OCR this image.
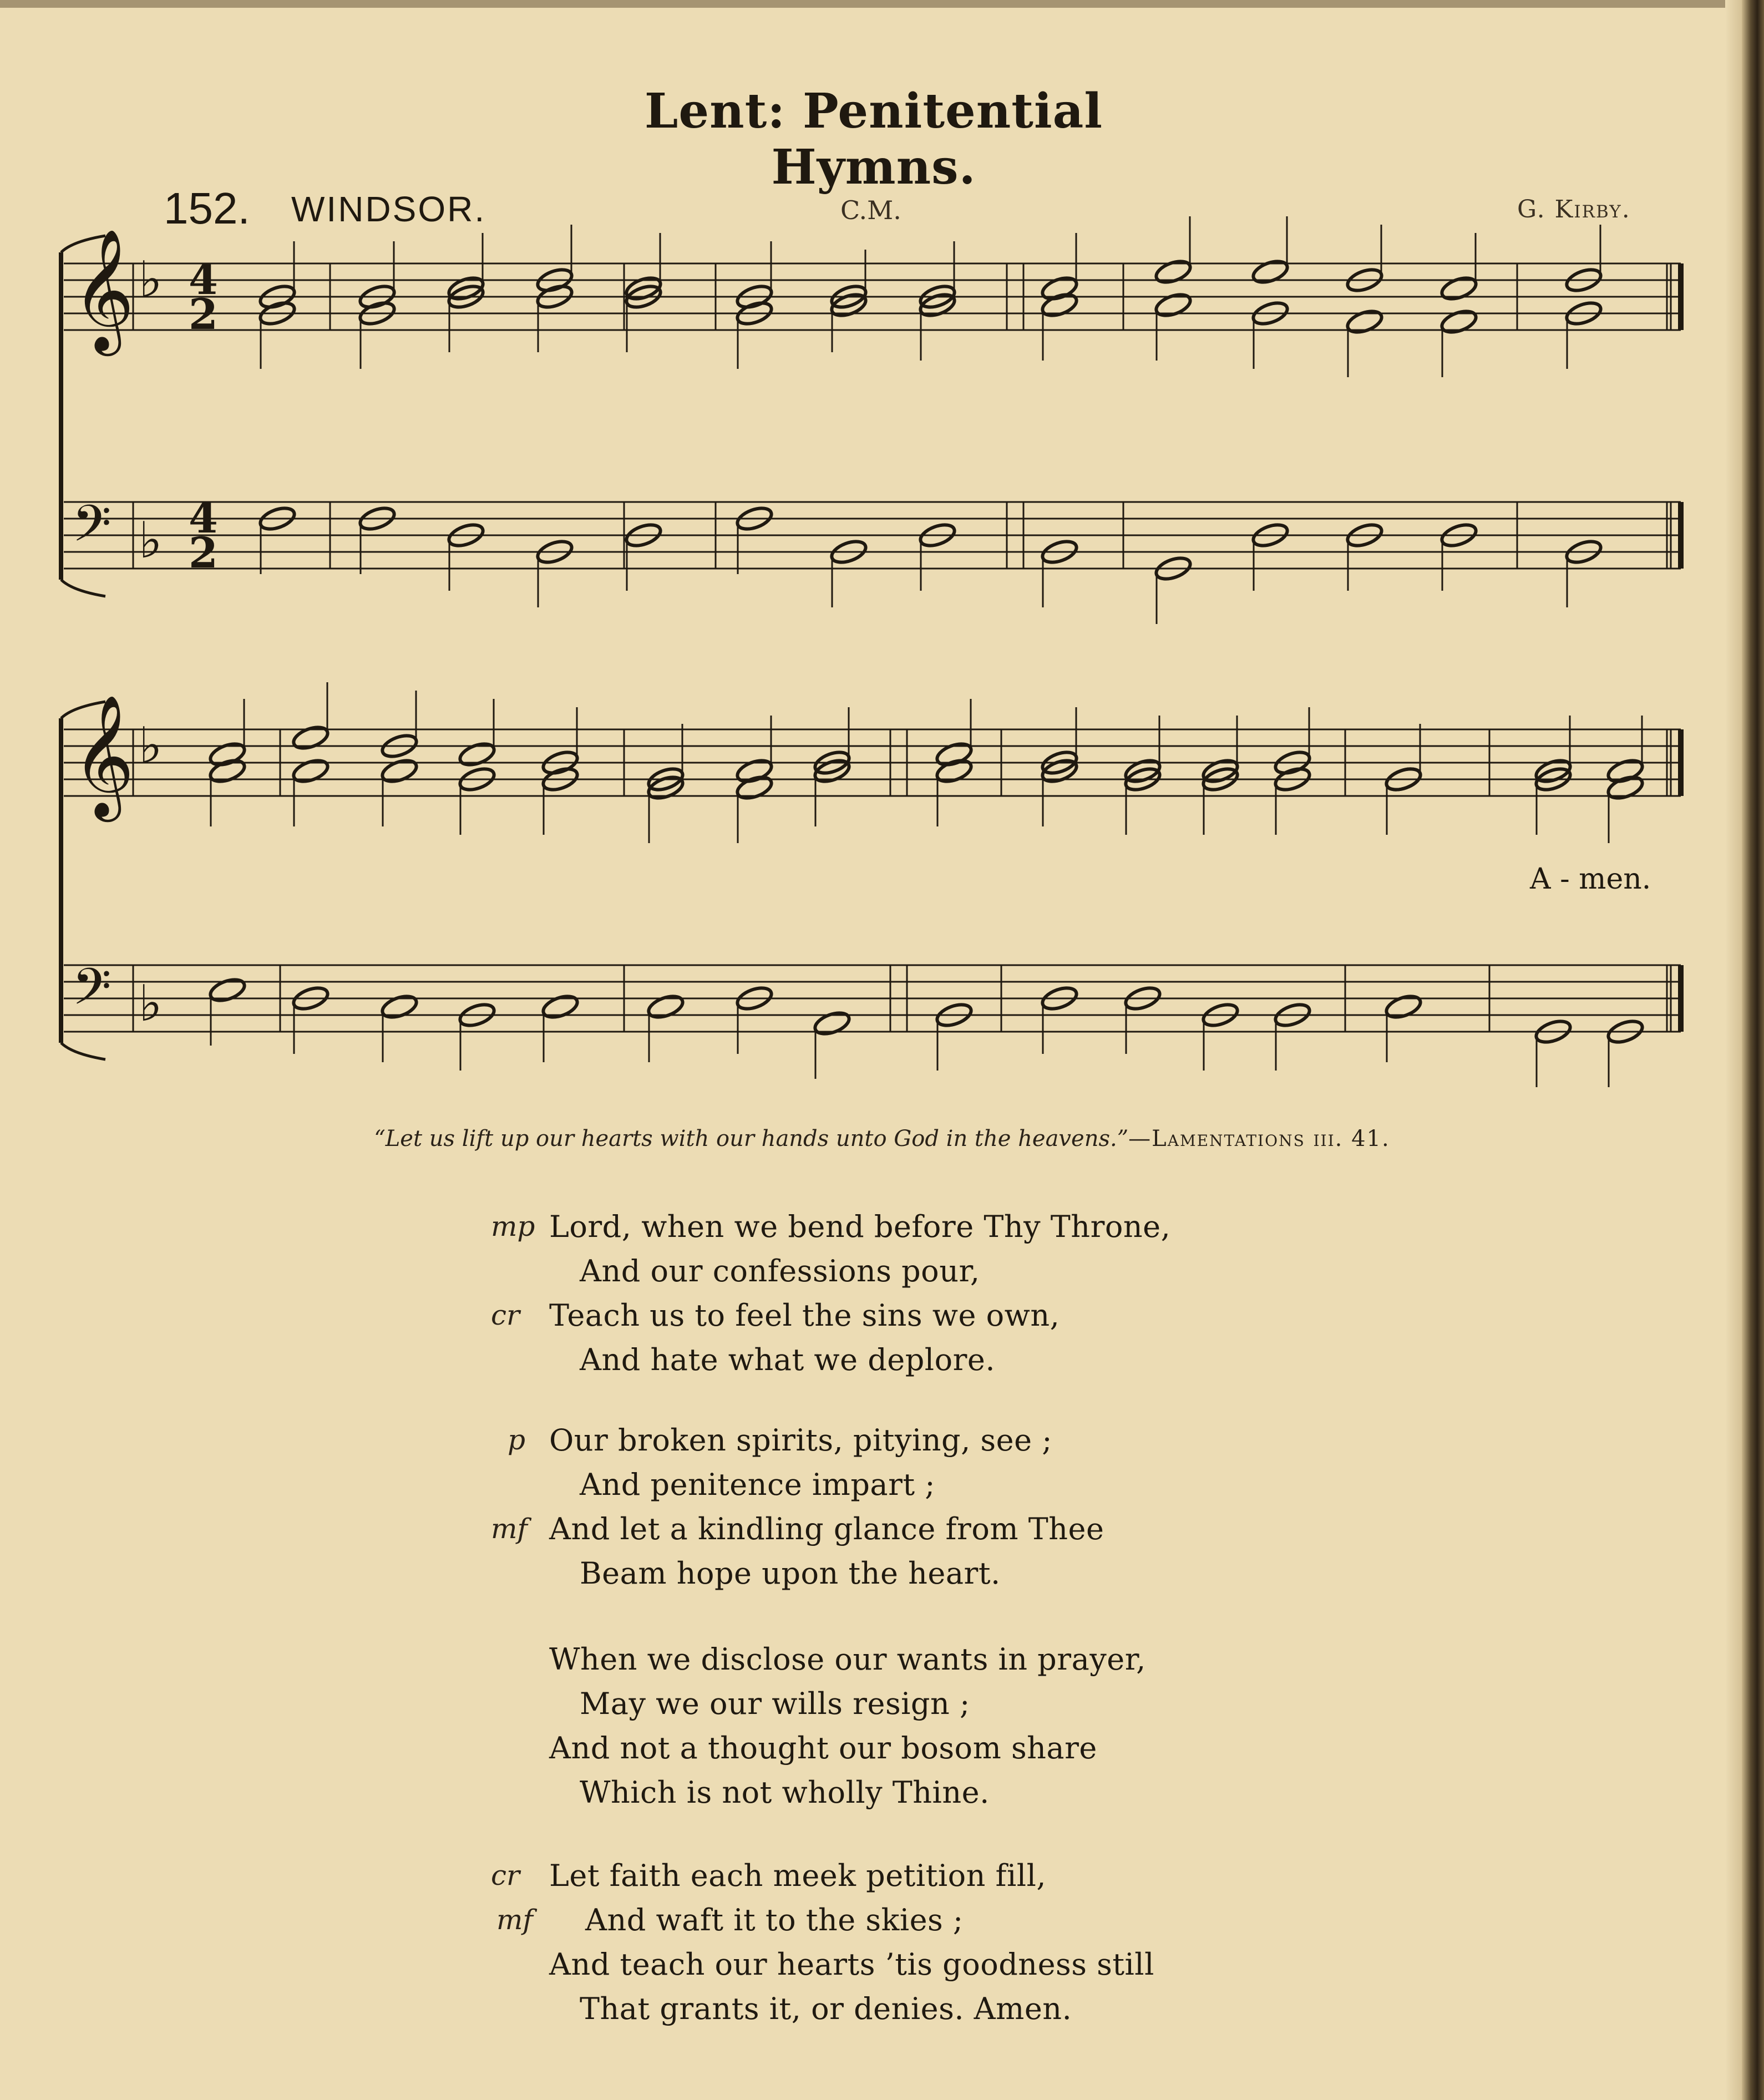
Lent: Penitential Hymns.
152. WINDSOR.	C.M.	G. Kirby.
𝄞 ♭ 4
2
𝄢 ♭ 4
2
𝄞 ♭
𝄢 ♭
A - men.
“Let us lift up our hearts with our hands unto God in the heavens.”—Lamentations iii. 41.
mp Lord, when we bend before Thy Throne,
And our confessions pour,
cr Teach us to feel the sins we own,
And hate what we deplore.
p Our broken spirits, pitying, see ;
And penitence impart ;
mf And let a kindling glance from Thee
Beam hope upon the heart.
When we disclose our wants in prayer,
May we our wills resign ;
And not a thought our bosom share
Which is not wholly Thine.
cr Let faith each meek petition fill,
mf And waft it to the skies ;
And teach our hearts ’tis goodness still
That grants it, or denies. Amen.
